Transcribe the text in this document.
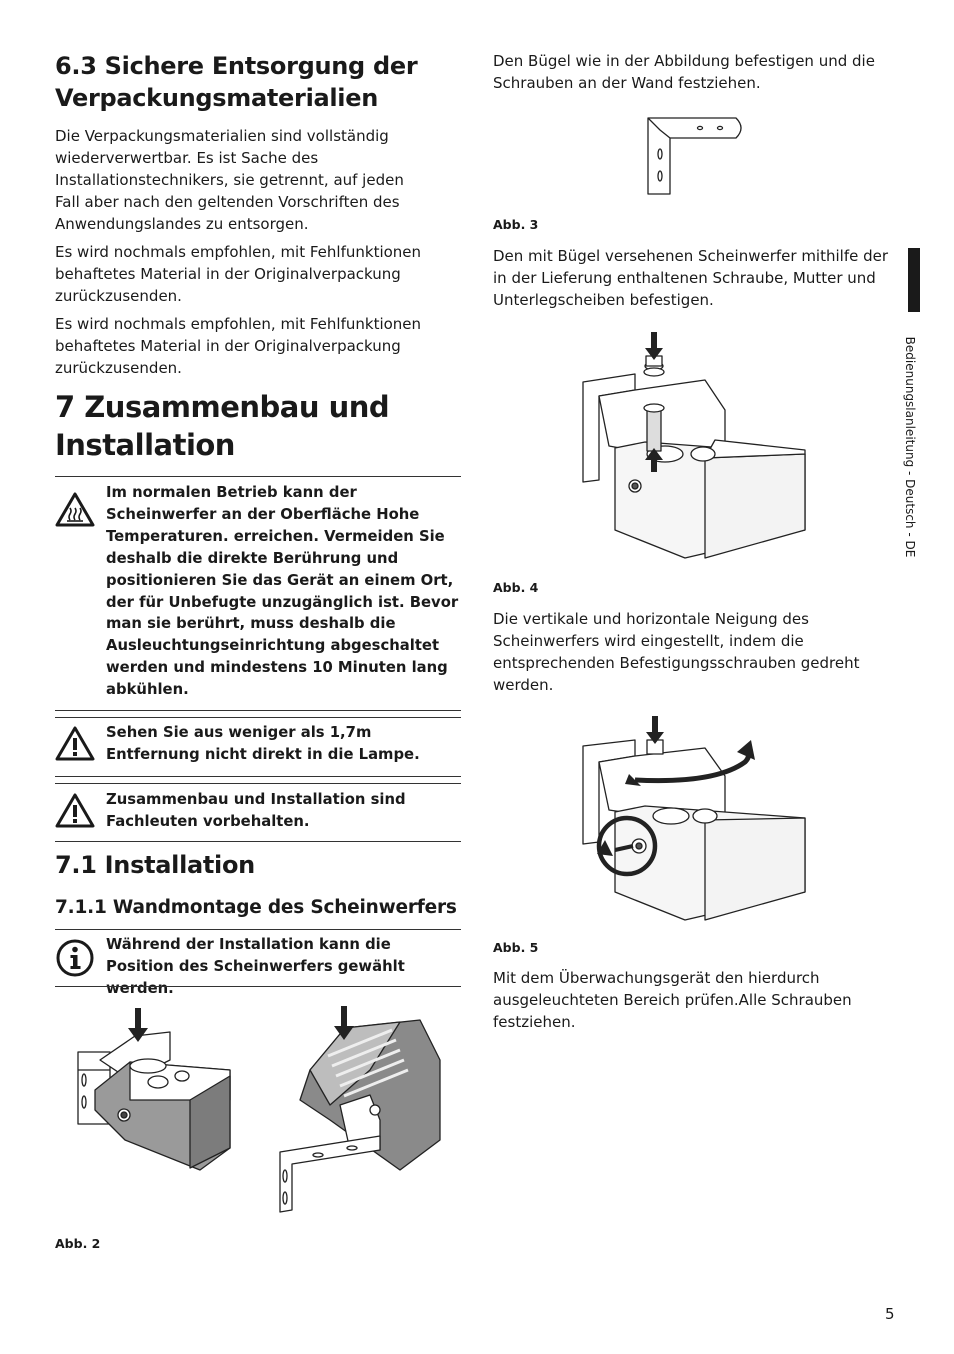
6.3 Sichere Entsorgung der Verpackungsmaterialien

Die Verpackungsmaterialien sind vollständig wiederverwertbar. Es ist Sache des Installationstechnikers, sie getrennt, auf jeden Fall aber nach den geltenden Vorschriften des Anwendungslandes zu entsorgen.

Es wird nochmals empfohlen, mit Fehlfunktionen behaftetes Material in der Originalverpackung zurückzusenden.

Es wird nochmals empfohlen, mit Fehlfunktionen behaftetes Material in der Originalverpackung zurückzusenden.

7 Zusammenbau und Installation
Im normalen Betrieb kann der Scheinwerfer an der Oberfläche Hohe Temperaturen. erreichen. Vermeiden Sie deshalb die direkte Berührung und positionieren Sie das Gerät an einem Ort, der für Unbefugte unzugänglich ist. Bevor man sie berührt, muss deshalb die Ausleuchtungseinrichtung abgeschaltet werden und mindestens 10 Minuten lang abkühlen.
Sehen Sie aus weniger als 1,7m Entfernung nicht direkt in die Lampe.
Zusammenbau und Installation sind Fachleuten vorbehalten.
7.1 Installation
7.1.1 Wandmontage des Scheinwerfers
Während der Installation kann die Position des Scheinwerfers gewählt werden.
Abb. 2

Den Bügel wie in der Abbildung befestigen und die Schrauben an der Wand festziehen.

Abb. 3

Den mit Bügel versehenen Scheinwerfer mithilfe der in der Lieferung enthaltenen Schraube, Mutter und Unterlegscheiben befestigen.

Abb. 4

Die vertikale und horizontale Neigung des Scheinwerfers wird eingestellt, indem die entsprechenden Befestigungsschrauben gedreht werden.

Abb. 5

Mit dem Überwachungsgerät den hierdurch ausgeleuchteten Bereich prüfen.Alle Schrauben festziehen.

Bedienungslanleitung - Deutsch - DE
5
